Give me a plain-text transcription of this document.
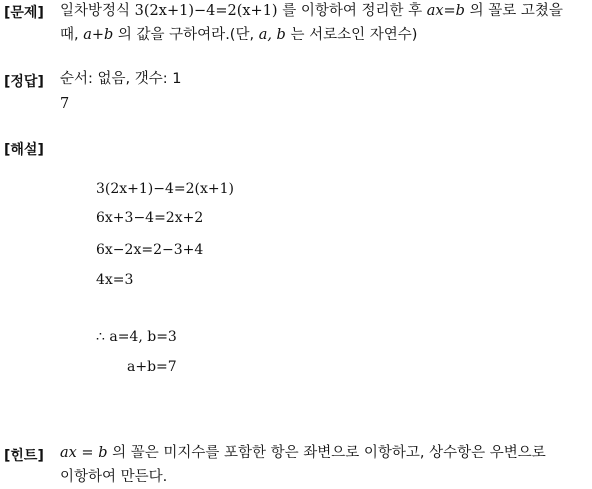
[문제] 일차방정식 3(2x+1)−4=2(x+1) 를 이항하여 정리한 후 ax=b 의 꼴로 고쳤을
때, a+b 의 값을 구하여라.(단, a, b 는 서로소인 자연수)
[정답] 순서: 없음, 갯수: 1
7
[해설]
3(2x+1)−4=2(x+1)
6x+3−4=2x+2
6x−2x=2−3+4
4x=3
∴ a=4, b=3
a+b=7
[힌트] ax = b 의 꼴은 미지수를 포함한 항은 좌변으로 이항하고, 상수항은 우변으로
이항하여 만든다.
